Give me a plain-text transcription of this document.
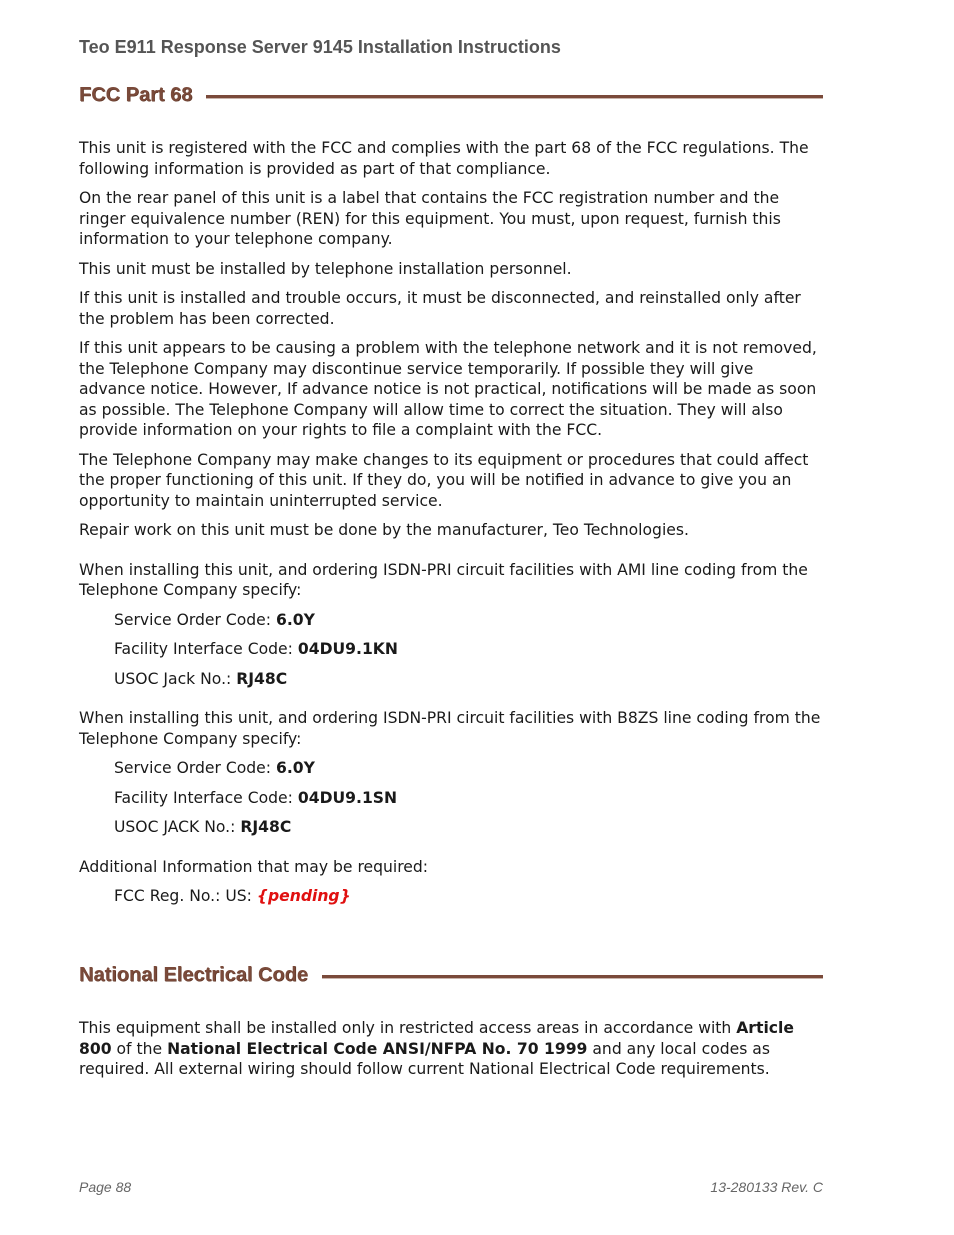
Teo E911 Response Server 9145 Installation Instructions
FCC Part 68

This unit is registered with the FCC and complies with the part 68 of the FCC regulations. The following information is provided as part of that compliance.

On the rear panel of this unit is a label that contains the FCC registration number and the ringer equivalence number (REN) for this equipment. You must, upon request, furnish this information to your telephone company.

This unit must be installed by telephone installation personnel.

If this unit is installed and trouble occurs, it must be disconnected, and reinstalled only after the problem has been corrected.

If this unit appears to be causing a problem with the telephone network and it is not removed, the Telephone Company may discontinue service temporarily. If possible they will give advance notice. However, If advance notice is not practical, notifications will be made as soon as possible. The Telephone Company will allow time to correct the situation. They will also provide information on your rights to file a complaint with the FCC.

The Telephone Company may make changes to its equipment or procedures that could affect the proper functioning of this unit. If they do, you will be notified in advance to give you an opportunity to maintain uninterrupted service.

Repair work on this unit must be done by the manufacturer, Teo Technologies.

When installing this unit, and ordering ISDN-PRI circuit facilities with AMI line coding from the Telephone Company specify:

Service Order Code: 6.0Y

Facility Interface Code: 04DU9.1KN

USOC Jack No.: RJ48C

When installing this unit, and ordering ISDN-PRI circuit facilities with B8ZS line coding from the Telephone Company specify:

Service Order Code: 6.0Y

Facility Interface Code: 04DU9.1SN

USOC JACK No.: RJ48C

Additional Information that may be required:

FCC Reg. No.: US: {pending}

National Electrical Code

This equipment shall be installed only in restricted access areas in accordance with Article 800 of the National Electrical Code ANSI/NFPA No. 70 1999 and any local codes as required. All external wiring should follow current National Electrical Code requirements.

Page 88	13-280133 Rev. C
